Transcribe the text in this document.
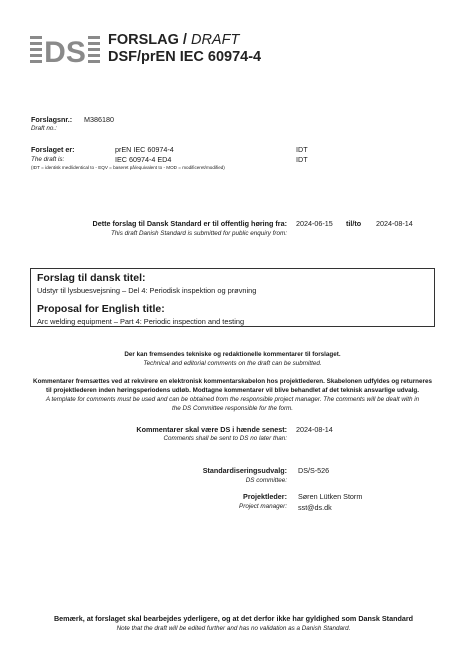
DS FORSLAG / DRAFT
DSF/prEN IEC 60974-4
Forslagsnr.:
Draft no.:
M386180
Forslaget er:
The draft is:
(IDT = identisk med/identical to - EQV = baseret på/equivalent to - MOD = modificeret/modified)
prEN IEC 60974-4	IDT
IEC 60974-4 ED4	IDT
Dette forslag til Dansk Standard er til offentlig høring fra:
This draft Danish Standard is submitted for public enquiry from:
2024-06-15 til/to 2024-08-14
Forslag til dansk titel:
Udstyr til lysbuesvejsning – Del 4: Periodisk inspektion og prøvning
Proposal for English title:
Arc welding equipment – Part 4: Periodic inspection and testing
Der kan fremsendes tekniske og redaktionelle kommentarer til forslaget.
Technical and editorial comments on the draft can be submitted.
Kommentarer fremsættes ved at rekvirere en elektronisk kommentarskabelon hos projektlederen. Skabelonen udfyldes og returneres
til projektlederen inden høringsperiodens udløb. Modtagne kommentarer vil blive behandlet af det teknisk ansvarlige udvalg.
A template for comments must be used and can be obtained from the responsible project manager. The comments will be dealt with in
the DS Committee responsible for the form.
Kommentarer skal være DS i hænde senest:
Comments shall be sent to DS no later than:
2024-08-14
Standardiseringsudvalg:
DS committee:
DS/S-526
Projektleder:
Project manager:
Søren Lütken Storm
sst@ds.dk
Bemærk, at forslaget skal bearbejdes yderligere, og at det derfor ikke har gyldighed som Dansk Standard
Note that the draft will be edited further and has no validation as a Danish Standard.
